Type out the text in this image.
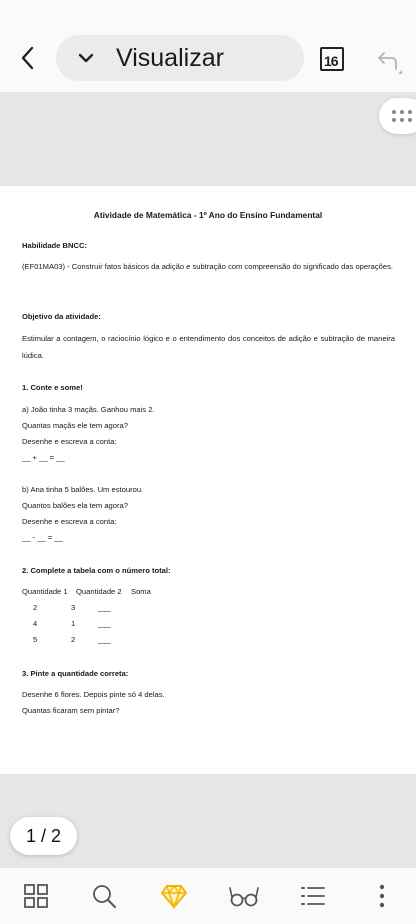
Visualizar	16
Atividade de Matemática - 1º Ano do Ensino Fundamental
Habilidade BNCC:
(EF01MA03) - Construir fatos básicos da adição e subtração com compreensão do significado das operações.
Objetivo da atividade:
Estimular a contagem, o raciocínio lógico e o entendimento dos conceitos de adição e subtração de maneira lúdica.
1. Conte e some!
a) João tinha 3 maçãs. Ganhou mais 2.
Quantas maçãs ele tem agora?
Desenhe e escreva a conta:
__ + __ = __
b) Ana tinha 5 balões. Um estourou.
Quantos balões ela tem agora?
Desenhe e escreva a conta:
__ - __ = __
2. Complete a tabela com o número total:
Quantidade 1 Quantidade 2 Soma
2	3	___
4	1	___
5	2	___
3. Pinte a quantidade correta:
Desenhe 6 flores. Depois pinte só 4 delas.
Quantas ficaram sem pintar?
1 / 2
